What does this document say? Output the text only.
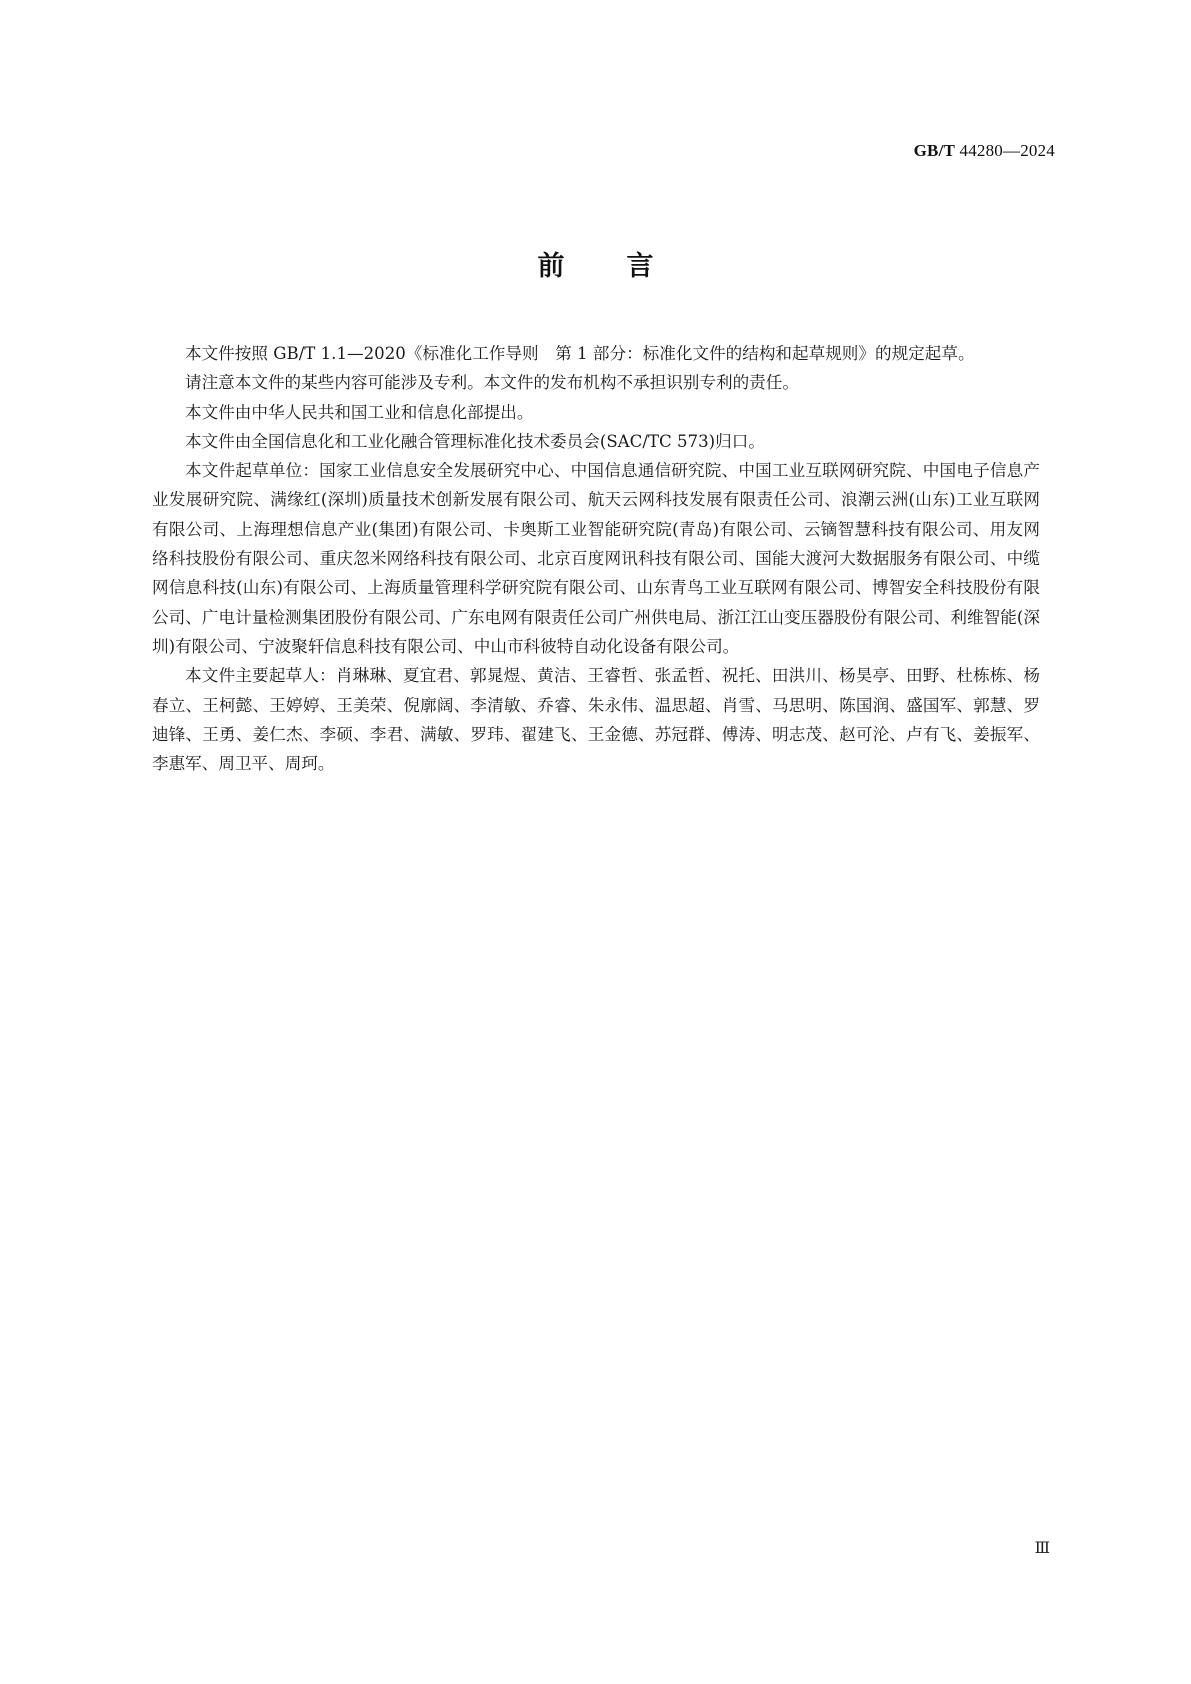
GB/T 44280—2024
前言

本文件按照 GB/T 1.1—2020《标准化工作导则　第 1 部分：标准化文件的结构和起草规则》的规定起草。

请注意本文件的某些内容可能涉及专利。本文件的发布机构不承担识别专利的责任。

本文件由中华人民共和国工业和信息化部提出。

本文件由全国信息化和工业化融合管理标准化技术委员会(SAC/TC 573)归口。

本文件起草单位：国家工业信息安全发展研究中心、中国信息通信研究院、中国工业互联网研究院、中国电子信息产业发展研究院、满缘红(深圳)质量技术创新发展有限公司、航天云网科技发展有限责任公司、浪潮云洲(山东)工业互联网有限公司、上海理想信息产业(集团)有限公司、卡奥斯工业智能研究院(青岛)有限公司、云镝智慧科技有限公司、用友网络科技股份有限公司、重庆忽米网络科技有限公司、北京百度网讯科技有限公司、国能大渡河大数据服务有限公司、中缆网信息科技(山东)有限公司、上海质量管理科学研究院有限公司、山东青鸟工业互联网有限公司、博智安全科技股份有限公司、广电计量检测集团股份有限公司、广东电网有限责任公司广州供电局、浙江江山变压器股份有限公司、利维智能(深圳)有限公司、宁波聚轩信息科技有限公司、中山市科彼特自动化设备有限公司。

本文件主要起草人：肖琳琳、夏宜君、郭晁煜、黄洁、王睿哲、张孟哲、祝托、田洪川、杨昊亭、田野、杜栋栋、杨春立、王柯懿、王婷婷、王美荣、倪廓阔、李清敏、乔睿、朱永伟、温思超、肖雪、马思明、陈国润、盛国军、郭慧、罗迪锋、王勇、姜仁杰、李硕、李君、满敏、罗玮、翟建飞、王金德、苏冠群、傅涛、明志茂、赵可沦、卢有飞、姜振军、李惠军、周卫平、周珂。

Ⅲ
